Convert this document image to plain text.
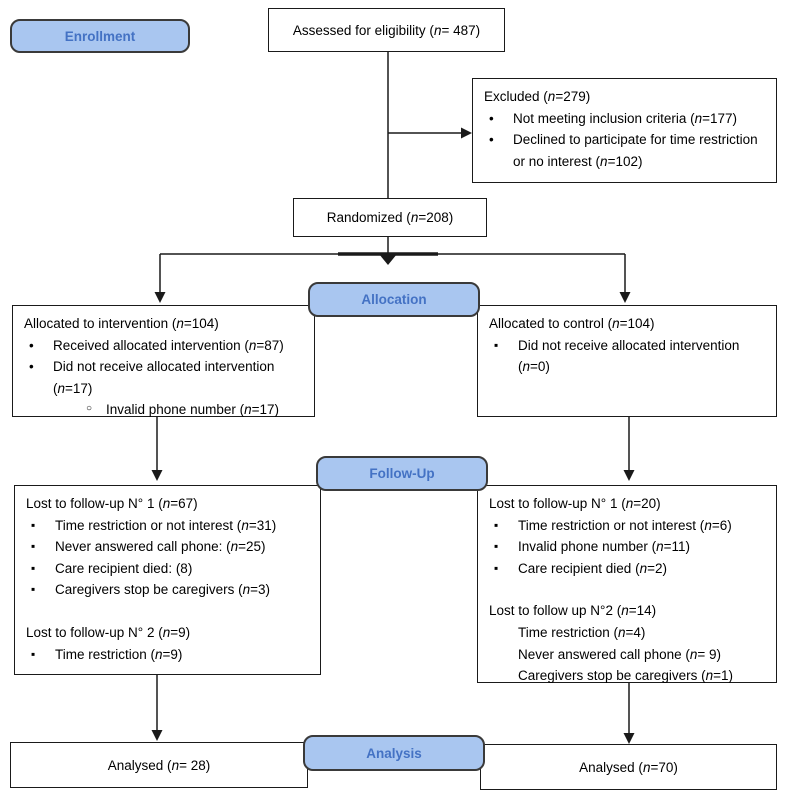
Enrollment
Allocation
Follow-Up
Analysis
Assessed for eligibility (n= 487)
Excluded (n=279)
• Not meeting inclusion criteria (n=177)
• Declined to participate for time restriction or no interest (n=102)
Randomized (n=208)
Allocated to intervention (n=104)
• Received allocated intervention (n=87)
• Did not receive allocated intervention (n=17)
○ Invalid phone number (n=17)
Allocated to control (n=104)
▪ Did not receive allocated intervention (n=0)
Lost to follow-up N° 1 (n=67)
▪ Time restriction or not interest (n=31)
▪ Never answered call phone: (n=25)
▪ Care recipient died: (8)
▪ Caregivers stop be caregivers (n=3)
Lost to follow-up N° 2 (n=9)
▪ Time restriction (n=9)
Lost to follow-up N° 1 (n=20)
▪ Time restriction or not interest (n=6)
▪ Invalid phone number (n=11)
▪ Care recipient died (n=2)
Lost to follow up N°2 (n=14)
Time restriction (n=4)
Never answered call phone (n= 9)
Caregivers stop be caregivers (n=1)
Analysed (n= 28)	Analysed (n=70)
